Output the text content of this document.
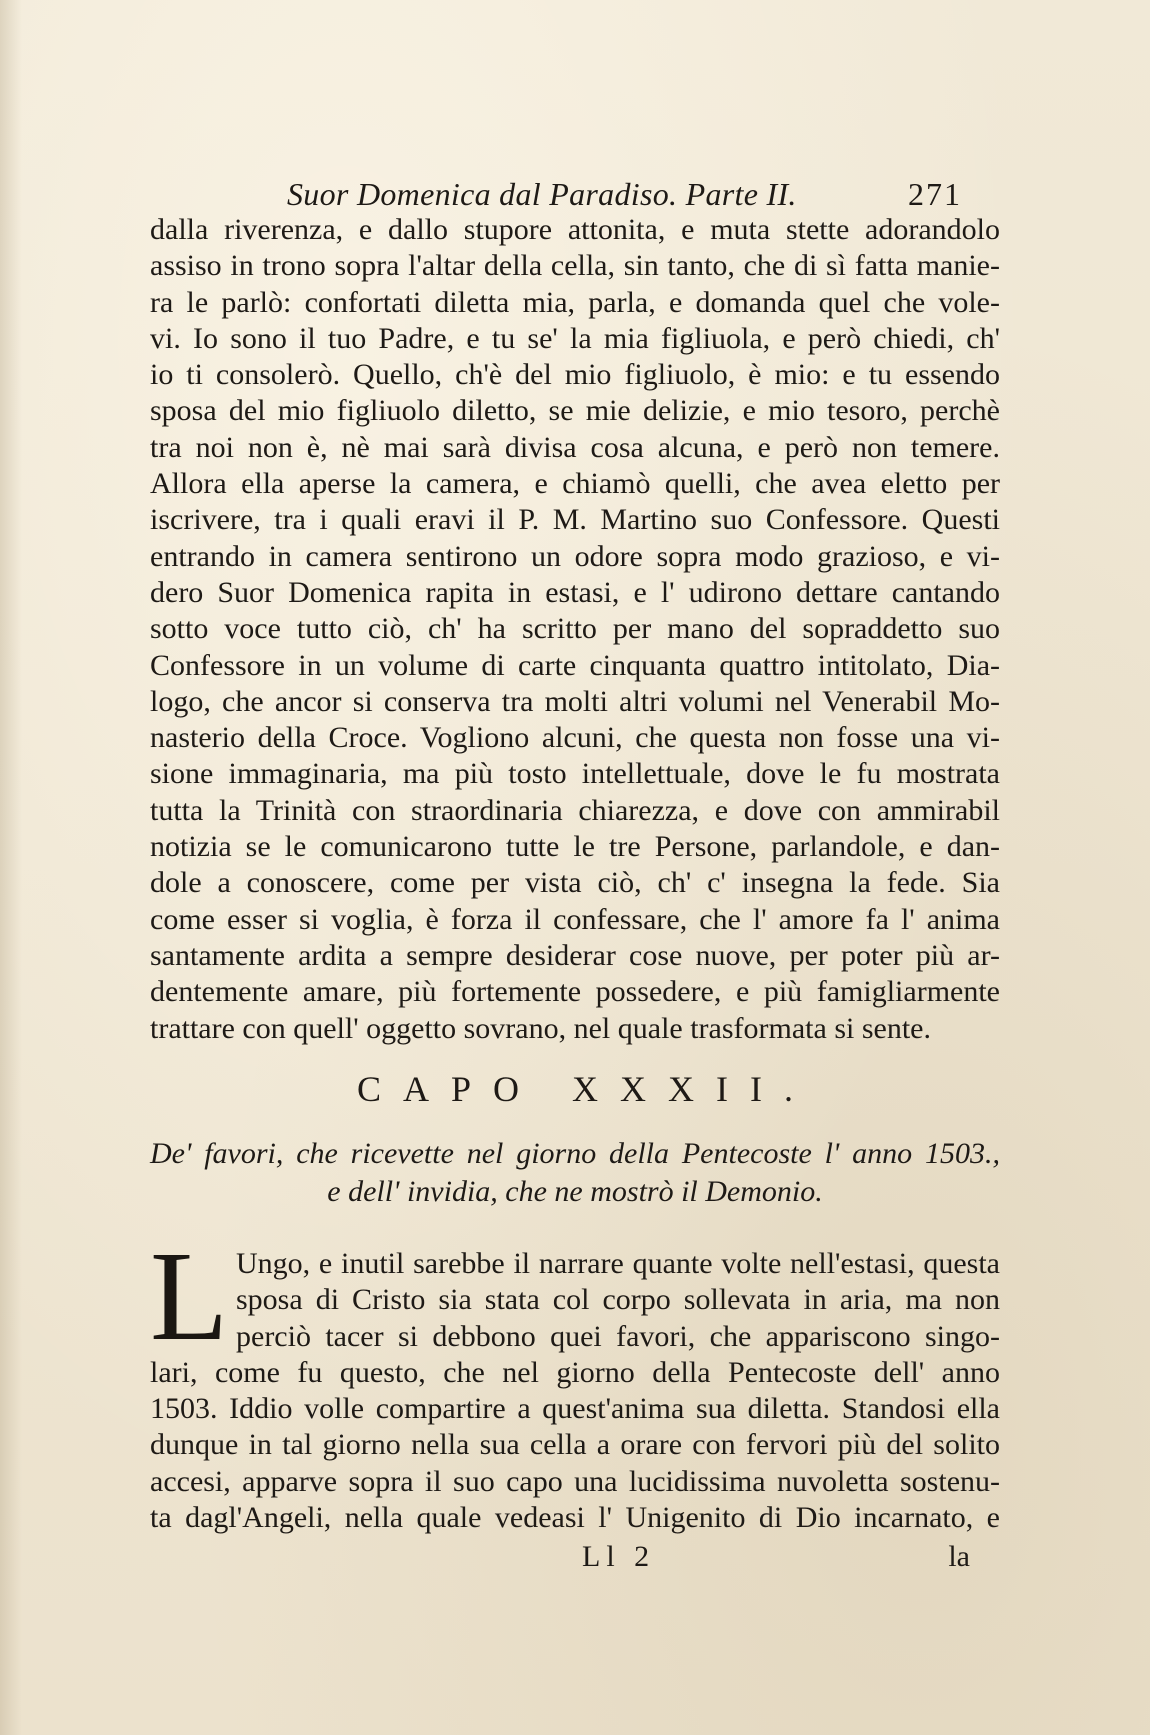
Suor Domenica dal Paradiso. Parte II.	271
dalla riverenza, e dallo stupore attonita, e muta stette adorandolo
assiso in trono sopra l'altar della cella, sin tanto, che di sì fatta manie-
ra le parlò: confortati diletta mia, parla, e domanda quel che vole-
vi. Io sono il tuo Padre, e tu se' la mia figliuola, e però chiedi, ch'
io ti consolerò. Quello, ch'è del mio figliuolo, è mio: e tu essendo
sposa del mio figliuolo diletto, se mie delizie, e mio tesoro, perchè
tra noi non è, nè mai sarà divisa cosa alcuna, e però non temere.
Allora ella aperse la camera, e chiamò quelli, che avea eletto per
iscrivere, tra i quali eravi il P. M. Martino suo Confessore. Questi
entrando in camera sentirono un odore sopra modo grazioso, e vi-
dero Suor Domenica rapita in estasi, e l' udirono dettare cantando
sotto voce tutto ciò, ch' ha scritto per mano del sopraddetto suo
Confessore in un volume di carte cinquanta quattro intitolato, Dia-
logo, che ancor si conserva tra molti altri volumi nel Venerabil Mo-
nasterio della Croce. Vogliono alcuni, che questa non fosse una vi-
sione immaginaria, ma più tosto intellettuale, dove le fu mostrata
tutta la Trinità con straordinaria chiarezza, e dove con ammirabil
notizia se le comunicarono tutte le tre Persone, parlandole, e dan-
dole a conoscere, come per vista ciò, ch' c' insegna la fede. Sia
come esser si voglia, è forza il confessare, che l' amore fa l' anima
santamente ardita a sempre desiderar cose nuove, per poter più ar-
dentemente amare, più fortemente possedere, e più famigliarmente
trattare con quell' oggetto sovrano, nel quale trasformata si sente.
CAPO XXXII.
De' favori, che ricevette nel giorno della Pentecoste l' anno 1503.,
e dell' invidia, che ne mostrò il Demonio.
L Ungo, e inutil sarebbe il narrare quante volte nell'estasi, questa
sposa di Cristo sia stata col corpo sollevata in aria, ma non
perciò tacer si debbono quei favori, che appariscono singo-
lari, come fu questo, che nel giorno della Pentecoste dell' anno
1503. Iddio volle compartire a quest'anima sua diletta. Standosi ella
dunque in tal giorno nella sua cella a orare con fervori più del solito
accesi, apparve sopra il suo capo una lucidissima nuvoletta sostenu-
ta dagl'Angeli, nella quale vedeasi l' Unigenito di Dio incarnato, e
Ll 2	la
